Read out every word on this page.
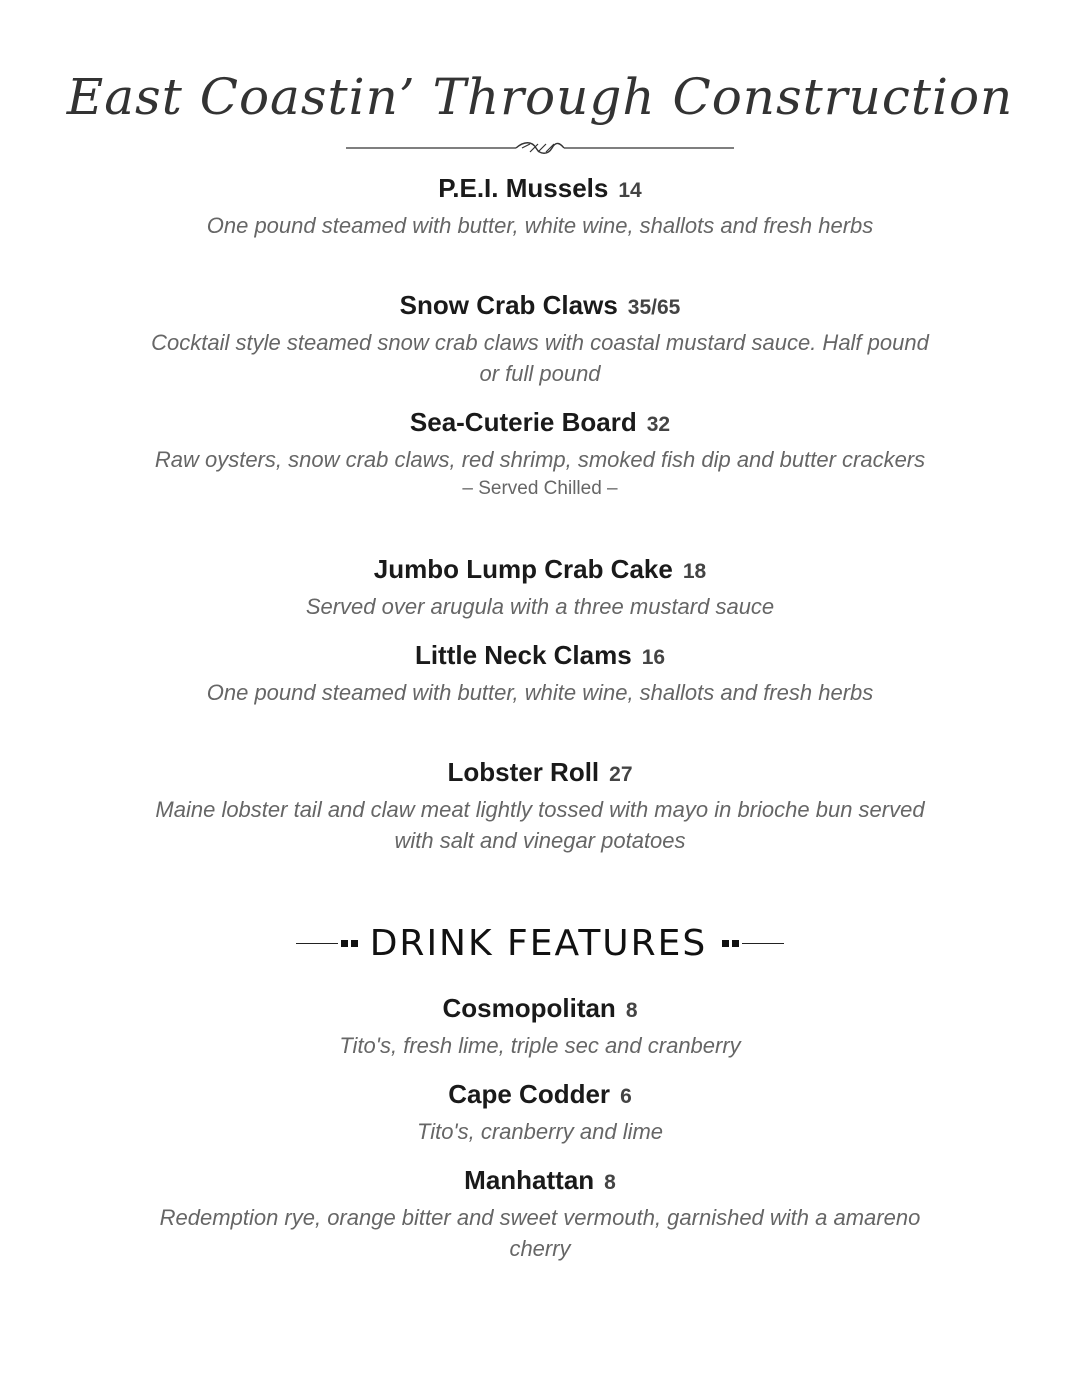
East Coastin’ Through Construction
P.E.I. Mussels 14
One pound steamed with butter, white wine, shallots and fresh herbs
Snow Crab Claws 35/65
Cocktail style steamed snow crab claws with coastal mustard sauce. Half pound or full pound
Sea-Cuterie Board 32
Raw oysters, snow crab claws, red shrimp, smoked fish dip and butter crackers
– Served Chilled –
Jumbo Lump Crab Cake 18
Served over arugula with a three mustard sauce
Little Neck Clams 16
One pound steamed with butter, white wine, shallots and fresh herbs
Lobster Roll 27
Maine lobster tail and claw meat lightly tossed with mayo in brioche bun served with salt and vinegar potatoes
DRINK FEATURES
Cosmopolitan 8
Tito's, fresh lime, triple sec and cranberry
Cape Codder 6
Tito's, cranberry and lime
Manhattan 8
Redemption rye, orange bitter and sweet vermouth, garnished with a amareno cherry
